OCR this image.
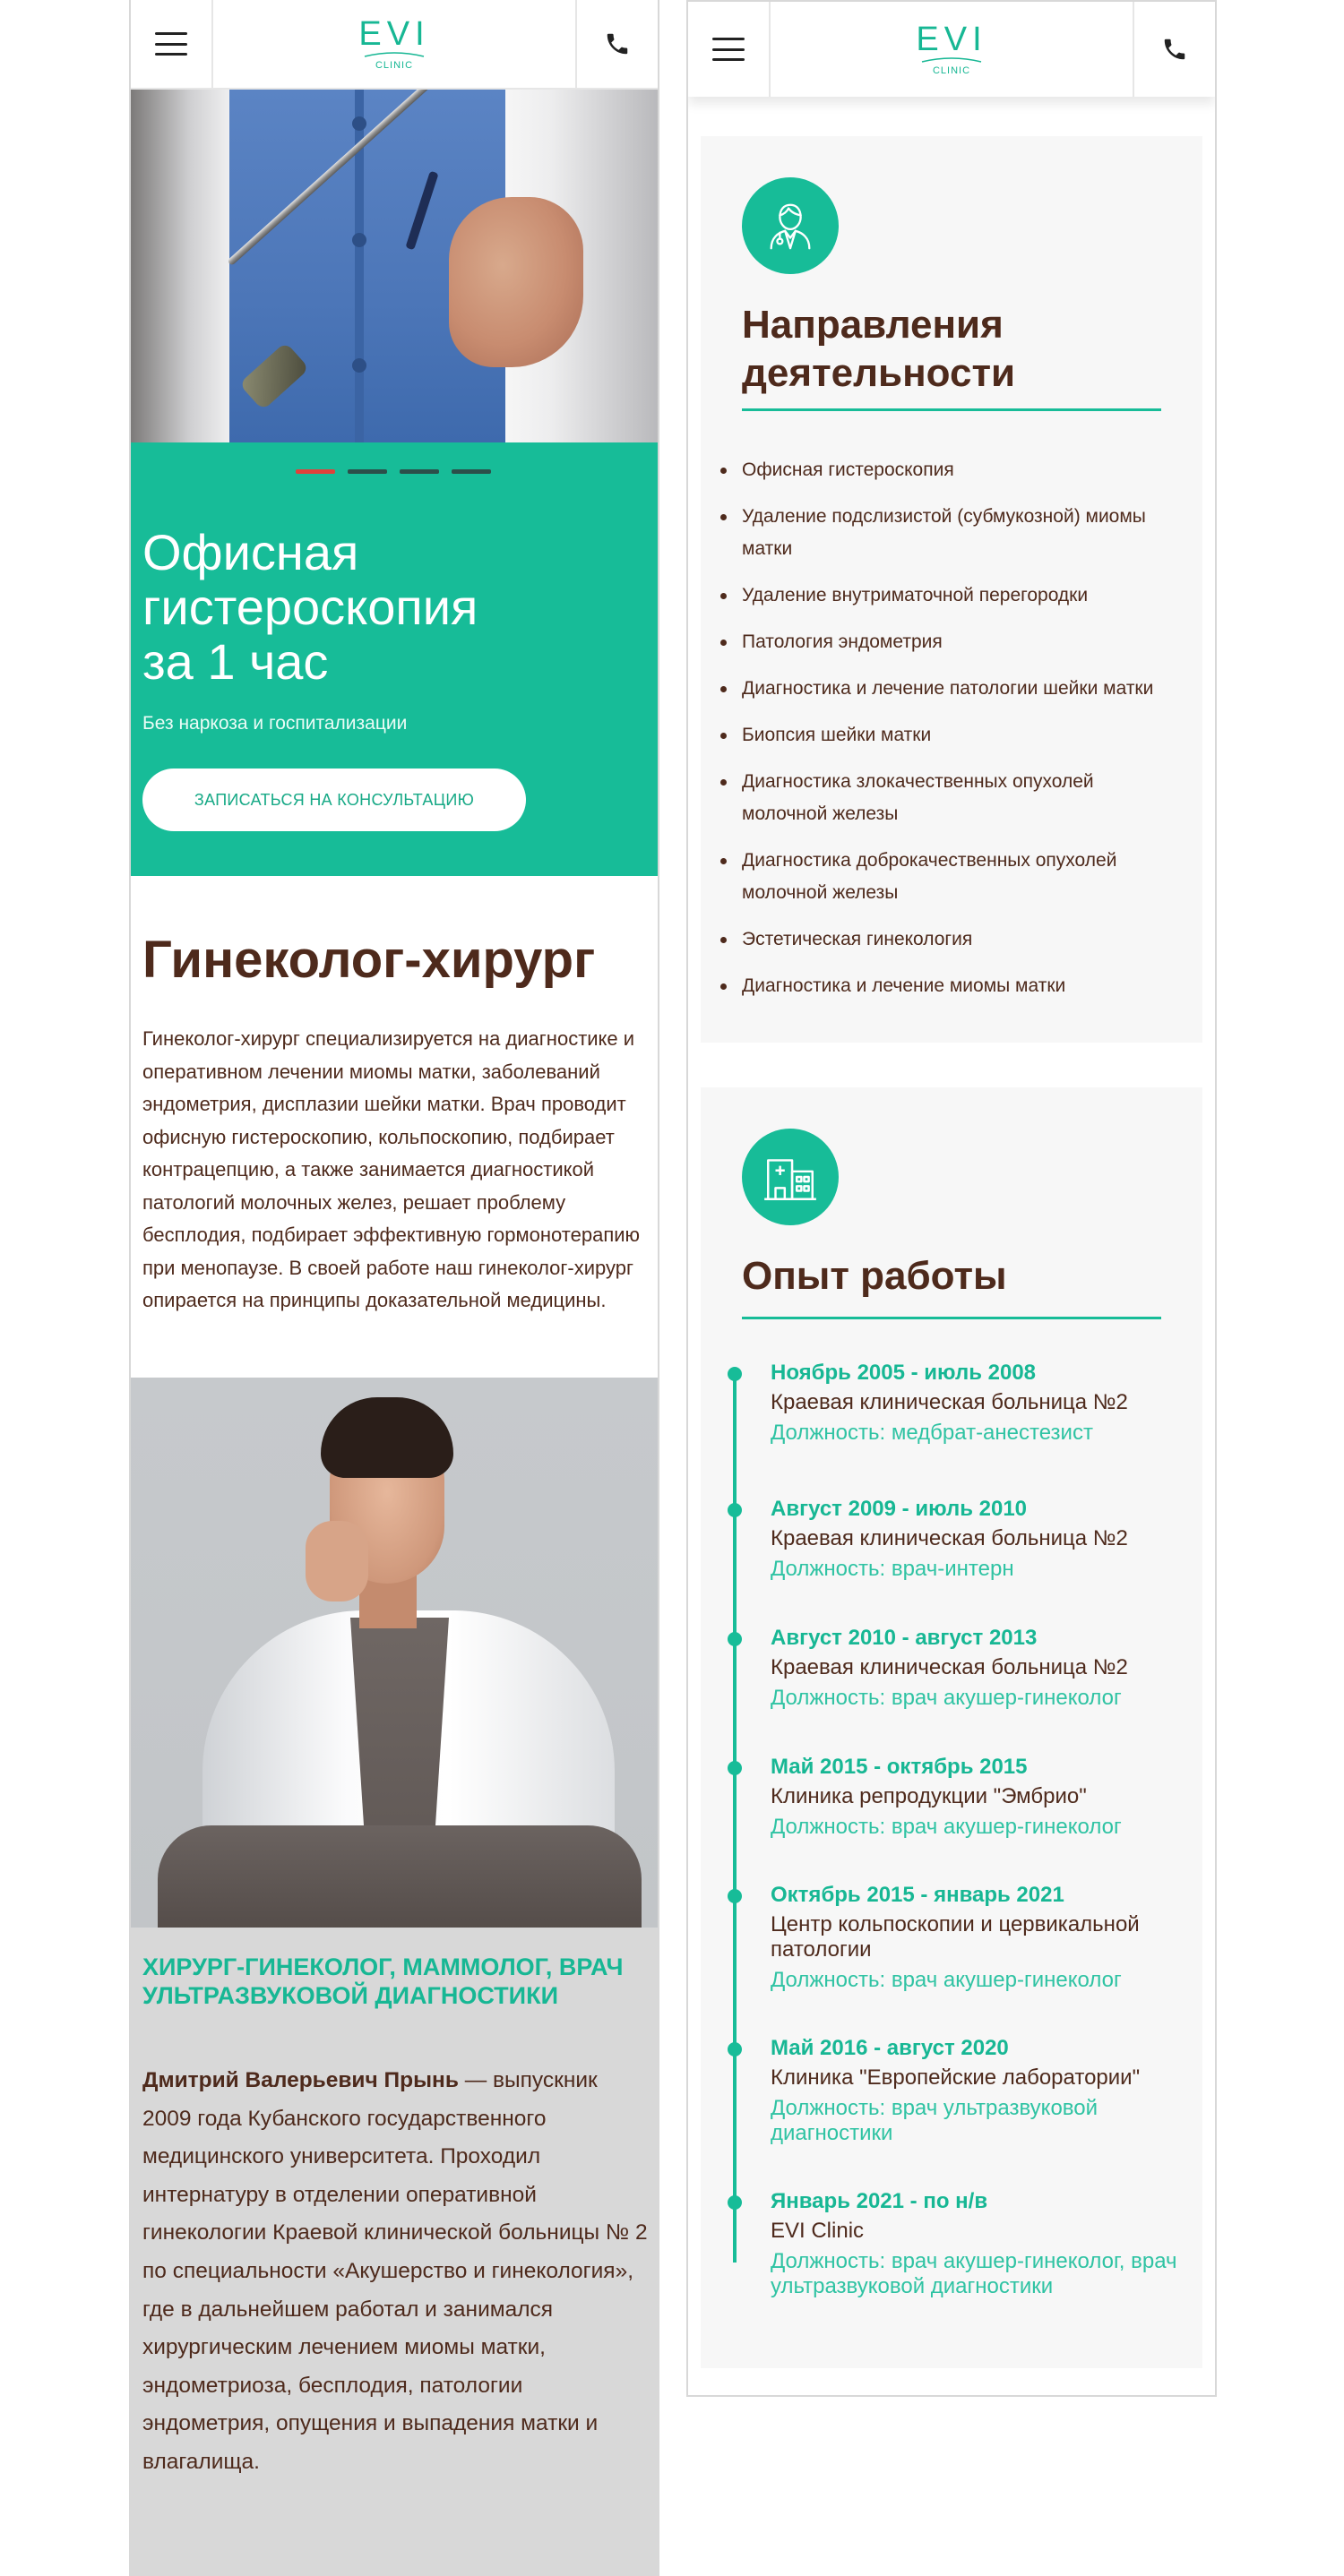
EVI
CLINIC
Офисная
гистероскопия
за 1 час
Без наркоза и госпитализации
ЗАПИСАТЬСЯ НА КОНСУЛЬТАЦИЮ
Гинеколог-хирург

Гинеколог-хирург специализируется на диагностике и оперативном лечении миомы матки, заболеваний эндометрия, дисплазии шейки матки. Врач проводит офисную гистероскопию, кольпоскопию, подбирает контрацепцию, а также занимается диагностикой патологий молочных желез, решает проблему бесплодия, подбирает эффективную гормонотерапию при менопаузе. В своей работе наш гинеколог-хирург опирается на принципы доказательной медицины.

ХИРУРГ-ГИНЕКОЛОГ, МАММОЛОГ, ВРАЧ УЛЬТРАЗВУКОВОЙ ДИАГНОСТИКИ

Дмитрий Валерьевич Прынь — выпускник 2009 года Кубанского государственного медицинского университета. Проходил интернатуру в отделении оперативной гинекологии Краевой клинической больницы № 2 по специальности «Акушерство и гинекология», где в дальнейшем работал и занимался хирургическим лечением миомы матки, эндометриоза, бесплодия, патологии эндометрия, опущения и выпадения матки и влагалища.

EVI
CLINIC
Направления
деятельности
Офисная гистероскопия
Удаление подслизистой (субмукозной) миомы матки
Удаление внутриматочной перегородки
Патология эндометрия
Диагностика и лечение патологии шейки матки
Биопсия шейки матки
Диагностика злокачественных опухолей молочной железы
Диагностика доброкачественных опухолей молочной железы
Эстетическая гинекология
Диагностика и лечение миомы матки
Опыт работы
Ноябрь 2005 - июль 2008
Краевая клиническая больница №2
Должность: медбрат-анестезист
Август 2009 - июль 2010
Краевая клиническая больница №2
Должность: врач-интерн
Август 2010 - август 2013
Краевая клиническая больница №2
Должность: врач акушер-гинеколог
Май 2015 - октябрь 2015
Клиника репродукции "Эмбрио"
Должность: врач акушер-гинеколог
Октябрь 2015 - январь 2021
Центр кольпоскопии и цервикальной патологии
Должность: врач акушер-гинеколог
Май 2016 - август 2020
Клиника "Европейские лаборатории"
Должность: врач ультразвуковой диагностики
Январь 2021 - по н/в
EVI Clinic
Должность: врач акушер-гинеколог, врач ультразвуковой диагностики
